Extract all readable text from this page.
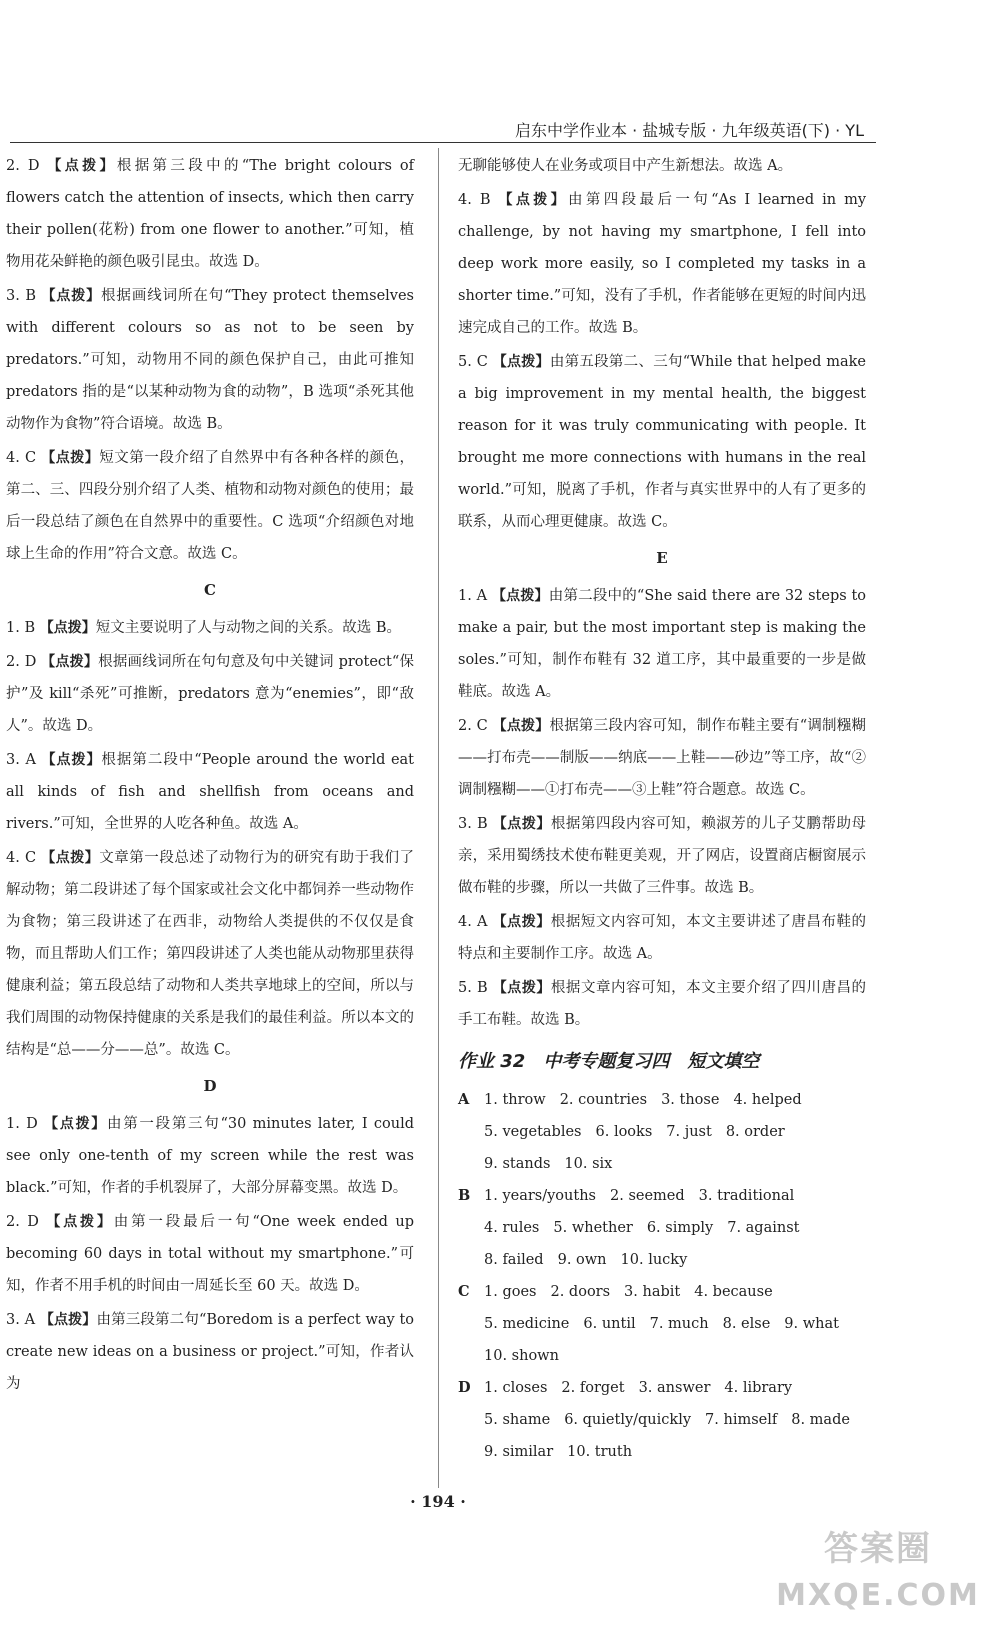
启东中学作业本 · 盐城专版 · 九年级英语(下) · YL
2. D 【点拨】根据第三段中的“The bright colours of flowers catch the attention of insects, which then carry their pollen(花粉) from one flower to another.”可知，植物用花朵鲜艳的颜色吸引昆虫。故选 D。
3. B 【点拨】根据画线词所在句“They protect themselves with different colours so as not to be seen by predators.”可知，动物用不同的颜色保护自己，由此可推知 predators 指的是“以某种动物为食的动物”，B 选项“杀死其他动物作为食物”符合语境。故选 B。
4. C 【点拨】短文第一段介绍了自然界中有各种各样的颜色，第二、三、四段分别介绍了人类、植物和动物对颜色的使用；最后一段总结了颜色在自然界中的重要性。C 选项“介绍颜色对地球上生命的作用”符合文意。故选 C。
C
1. B 【点拨】短文主要说明了人与动物之间的关系。故选 B。
2. D 【点拨】根据画线词所在句句意及句中关键词 protect“保护”及 kill“杀死”可推断，predators 意为“enemies”，即“敌人”。故选 D。
3. A 【点拨】根据第二段中“People around the world eat all kinds of fish and shellfish from oceans and rivers.”可知，全世界的人吃各种鱼。故选 A。
4. C 【点拨】文章第一段总述了动物行为的研究有助于我们了解动物；第二段讲述了每个国家或社会文化中都饲养一些动物作为食物；第三段讲述了在西非，动物给人类提供的不仅仅是食物，而且帮助人们工作；第四段讲述了人类也能从动物那里获得健康利益；第五段总结了动物和人类共享地球上的空间，所以与我们周围的动物保持健康的关系是我们的最佳利益。所以本文的结构是“总——分——总”。故选 C。
D
1. D 【点拨】由第一段第三句“30 minutes later, I could see only one-tenth of my screen while the rest was black.”可知，作者的手机裂屏了，大部分屏幕变黑。故选 D。
2. D 【点拨】由第一段最后一句“One week ended up becoming 60 days in total without my smartphone.”可知，作者不用手机的时间由一周延长至 60 天。故选 D。
3. A 【点拨】由第三段第二句“Boredom is a perfect way to create new ideas on a business or project.”可知，作者认为
无聊能够使人在业务或项目中产生新想法。故选 A。
4. B 【点拨】由第四段最后一句“As I learned in my challenge, by not having my smartphone, I fell into deep work more easily, so I completed my tasks in a shorter time.”可知，没有了手机，作者能够在更短的时间内迅速完成自己的工作。故选 B。
5. C 【点拨】由第五段第二、三句“While that helped make a big improvement in my mental health, the biggest reason for it was truly communicating with people. It brought me more connections with humans in the real world.”可知，脱离了手机，作者与真实世界中的人有了更多的联系，从而心理更健康。故选 C。
E
1. A 【点拨】由第二段中的“She said there are 32 steps to make a pair, but the most important step is making the soles.”可知，制作布鞋有 32 道工序，其中最重要的一步是做鞋底。故选 A。
2. C 【点拨】根据第三段内容可知，制作布鞋主要有“调制糨糊——打布壳——制版——纳底——上鞋——砂边”等工序，故“②调制糨糊——①打布壳——③上鞋”符合题意。故选 C。
3. B 【点拨】根据第四段内容可知，赖淑芳的儿子艾鹏帮助母亲，采用蜀绣技术使布鞋更美观，开了网店，设置商店橱窗展示做布鞋的步骤，所以一共做了三件事。故选 B。
4. A 【点拨】根据短文内容可知，本文主要讲述了唐昌布鞋的特点和主要制作工序。故选 A。
5. B 【点拨】根据文章内容可知，本文主要介绍了四川唐昌的手工布鞋。故选 B。
作业 32　中考专题复习四　短文填空
A	1. throw 2. countries 3. those 4. helped
5. vegetables 6. looks 7. just 8. order
9. stands 10. six
B 1. years/youths 2. seemed 3. traditional
4. rules 5. whether 6. simply 7. against
8. failed 9. own 10. lucky
C 1. goes 2. doors 3. habit 4. because
5. medicine 6. until 7. much 8. else 9. what
10. shown
D 1. closes 2. forget 3. answer 4. library
5. shame 6. quietly/quickly 7. himself 8. made
9. similar 10. truth
· 194 ·
答案圈
MXQE.COM
